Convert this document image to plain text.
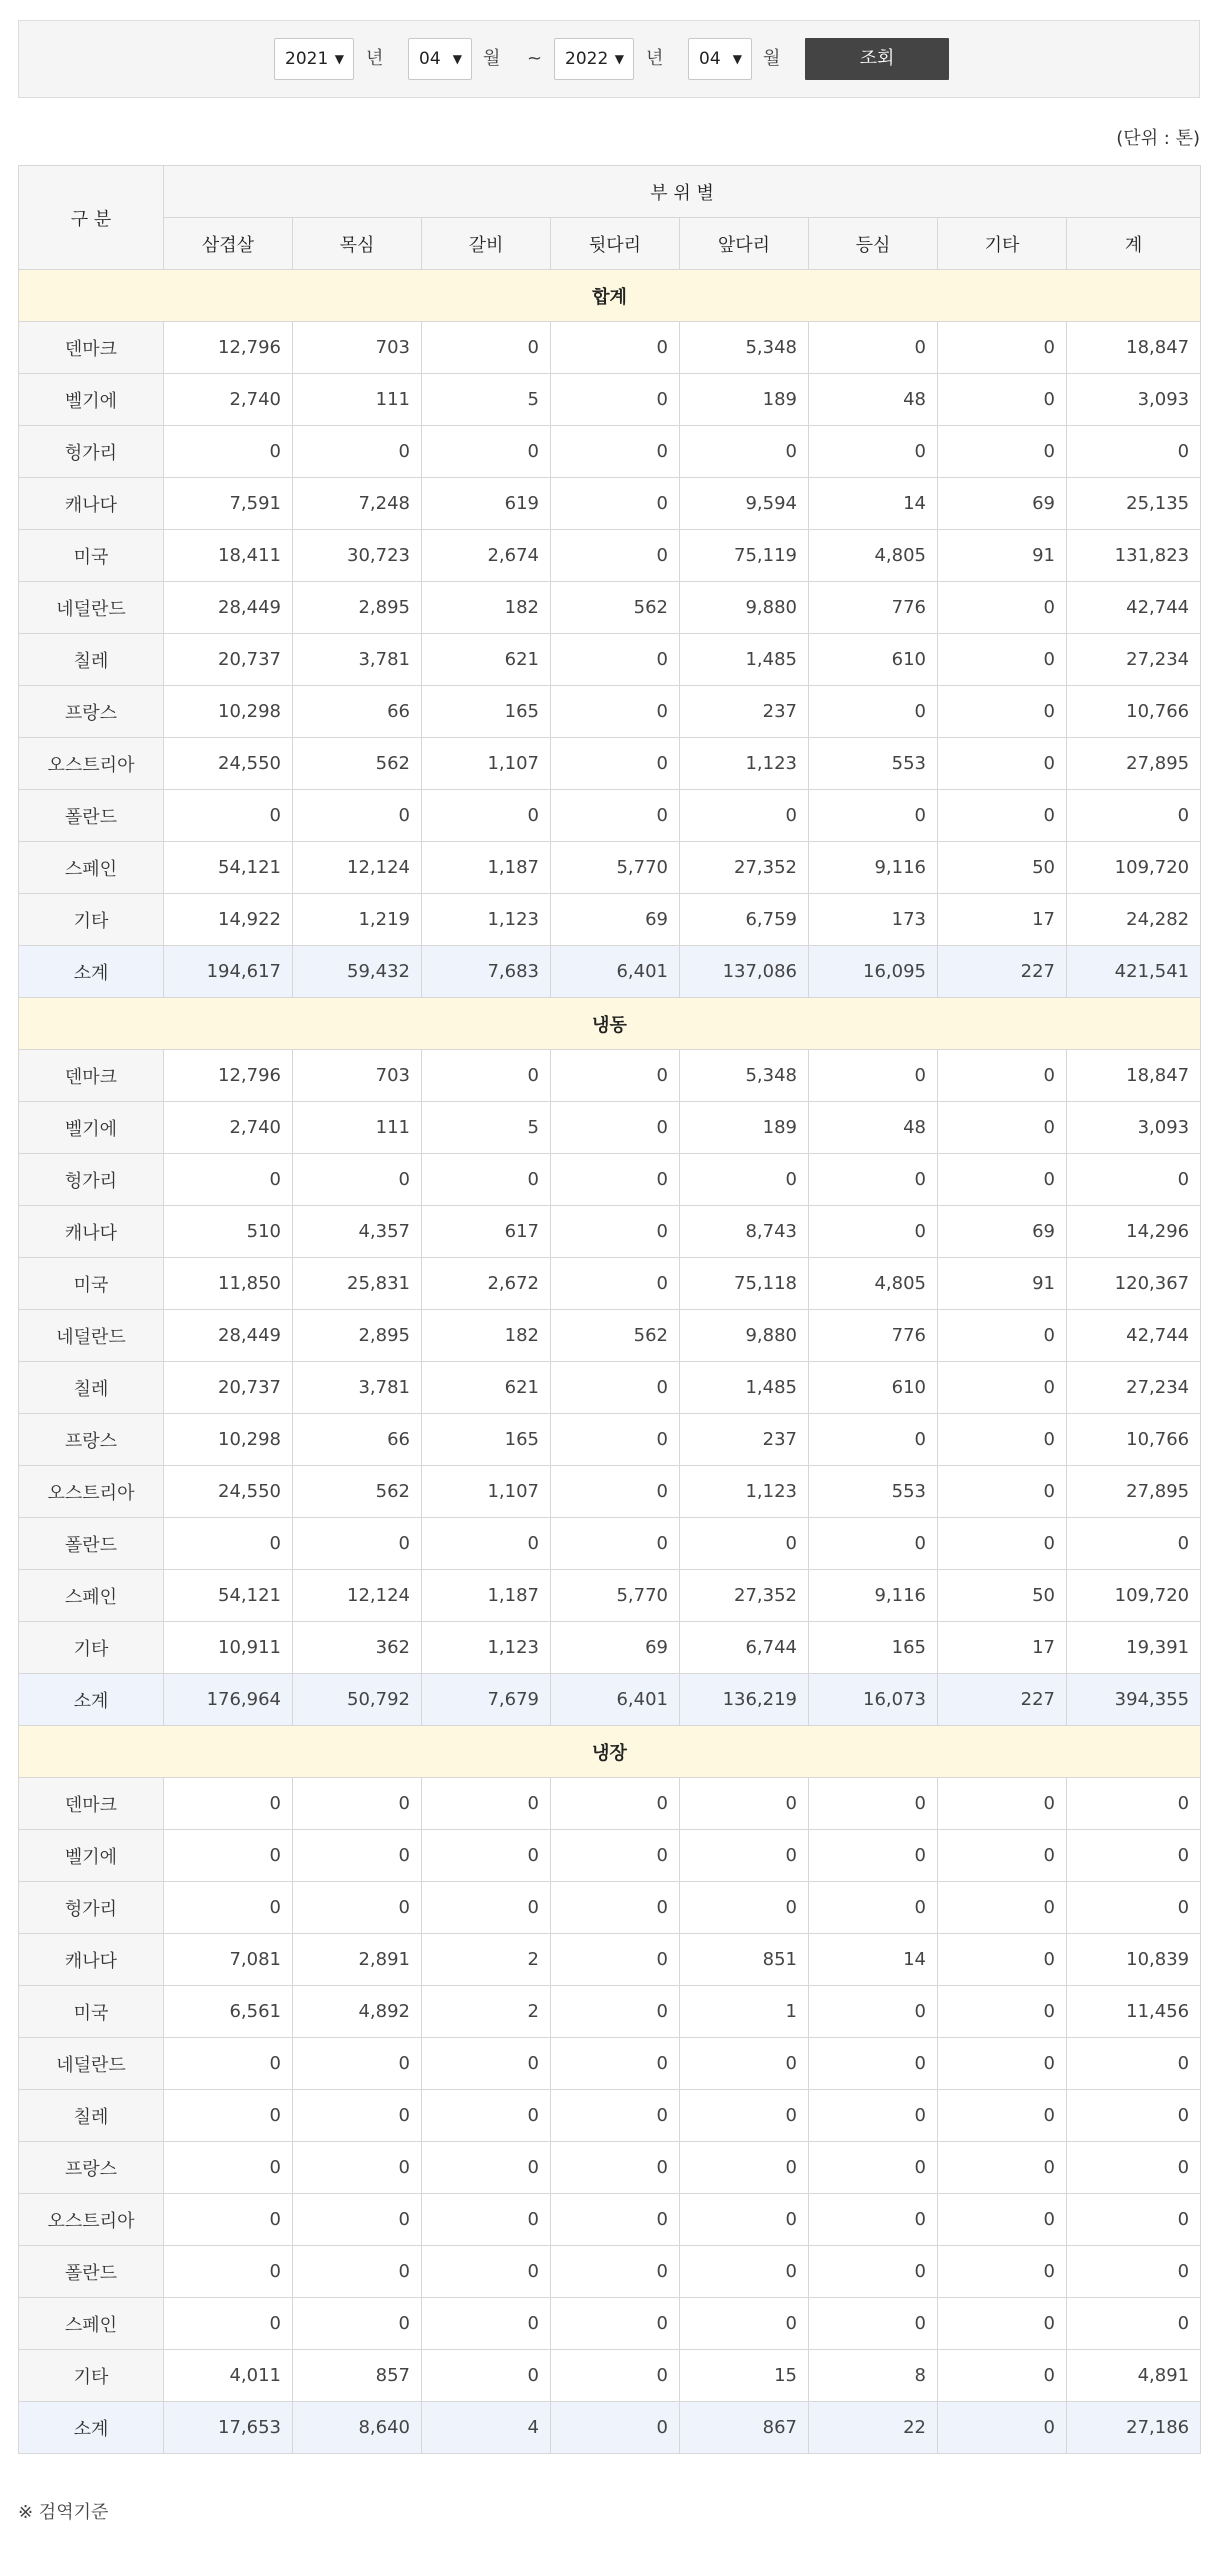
2021 ▼ 년	04 ▼ 월 ~	2022 ▼ 년	04 ▼ 월	조회
(단위 : 톤)
구 분	부 위 별							
	삼겹살	목심	갈비	뒷다리	앞다리	등심	기타	계
합계								
덴마크	12,796	703	0	0	5,348	0	0	18,847
벨기에	2,740	111	5	0	189	48	0	3,093
헝가리	0	0	0	0	0	0	0	0
캐나다	7,591	7,248	619	0	9,594	14	69	25,135
미국	18,411	30,723	2,674	0	75,119	4,805	91	131,823
네덜란드	28,449	2,895	182	562	9,880	776	0	42,744
칠레	20,737	3,781	621	0	1,485	610	0	27,234
프랑스	10,298	66	165	0	237	0	0	10,766
오스트리아	24,550	562	1,107	0	1,123	553	0	27,895
폴란드	0	0	0	0	0	0	0	0
스페인	54,121	12,124	1,187	5,770	27,352	9,116	50	109,720
기타	14,922	1,219	1,123	69	6,759	173	17	24,282
소계	194,617	59,432	7,683	6,401	137,086	16,095	227	421,541
냉동								
덴마크	12,796	703	0	0	5,348	0	0	18,847
벨기에	2,740	111	5	0	189	48	0	3,093
헝가리	0	0	0	0	0	0	0	0
캐나다	510	4,357	617	0	8,743	0	69	14,296
미국	11,850	25,831	2,672	0	75,118	4,805	91	120,367
네덜란드	28,449	2,895	182	562	9,880	776	0	42,744
칠레	20,737	3,781	621	0	1,485	610	0	27,234
프랑스	10,298	66	165	0	237	0	0	10,766
오스트리아	24,550	562	1,107	0	1,123	553	0	27,895
폴란드	0	0	0	0	0	0	0	0
스페인	54,121	12,124	1,187	5,770	27,352	9,116	50	109,720
기타	10,911	362	1,123	69	6,744	165	17	19,391
소계	176,964	50,792	7,679	6,401	136,219	16,073	227	394,355
냉장								
덴마크	0	0	0	0	0	0	0	0
벨기에	0	0	0	0	0	0	0	0
헝가리	0	0	0	0	0	0	0	0
캐나다	7,081	2,891	2	0	851	14	0	10,839
미국	6,561	4,892	2	0	1	0	0	11,456
네덜란드	0	0	0	0	0	0	0	0
칠레	0	0	0	0	0	0	0	0
프랑스	0	0	0	0	0	0	0	0
오스트리아	0	0	0	0	0	0	0	0
폴란드	0	0	0	0	0	0	0	0
스페인	0	0	0	0	0	0	0	0
기타	4,011	857	0	0	15	8	0	4,891
소계	17,653	8,640	4	0	867	22	0	27,186
※ 검역기준
